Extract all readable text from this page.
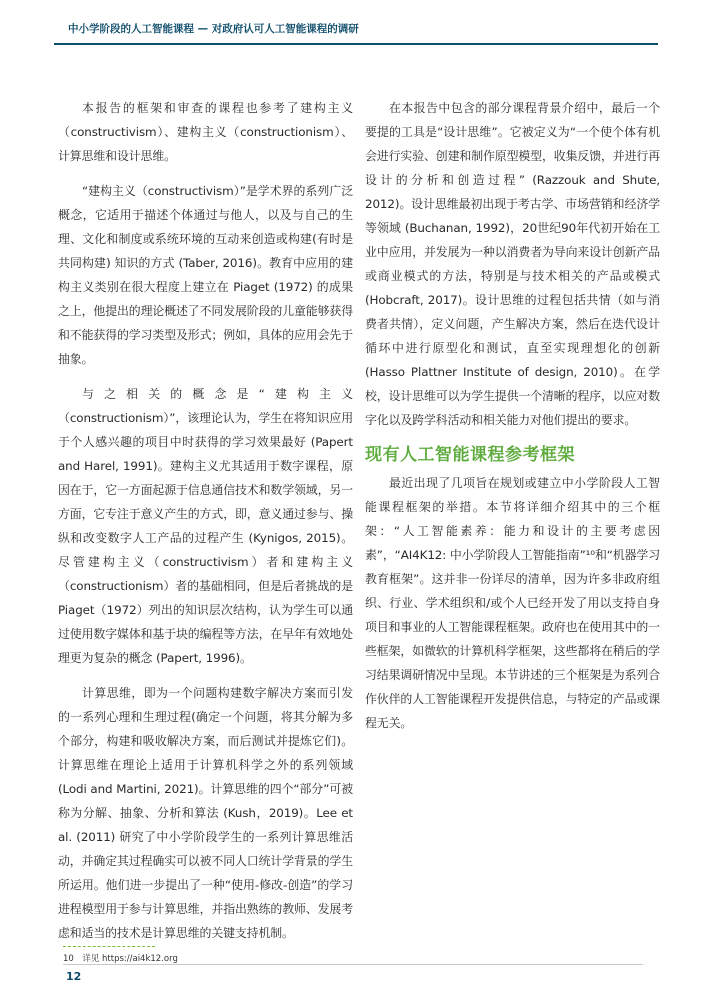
中小学阶段的人工智能课程 — 对政府认可人工智能课程的调研

本报告的框架和审查的课程也参考了建构主义（constructivism）、建构主义（constructionism）、计算思维和设计思维。

“建构主义（constructivism）”是学术界的系列广泛概念，它适用于描述个体通过与他人，以及与自己的生理、文化和制度或系统环境的互动来创造或构建(有时是共同构建) 知识的方式 (Taber, 2016)。教育中应用的建构主义类别在很大程度上建立在 Piaget (1972) 的成果之上，他提出的理论概述了不同发展阶段的儿童能够获得和不能获得的学习类型及形式；例如，具体的应用会先于抽象。

与之相关的概念是“建构主义（constructionism）”，该理论认为，学生在将知识应用于个人感兴趣的项目中时获得的学习效果最好 (Papert and Harel, 1991)。建构主义尤其适用于数字课程，原因在于，它一方面起源于信息通信技术和数学领域，另一方面，它专注于意义产生的方式，即，意义通过参与、操纵和改变数字人工产品的过程产生 (Kynigos, 2015)。尽管建构主义（constructivism）者和建构主义（constructionism）者的基础相同，但是后者挑战的是 Piaget（1972）列出的知识层次结构，认为学生可以通过使用数字媒体和基于块的编程等方法，在早年有效地处理更为复杂的概念 (Papert, 1996)。

计算思维，即为一个问题构建数字解决方案而引发的一系列心理和生理过程(确定一个问题，将其分解为多个部分，构建和吸收解决方案，而后测试并提炼它们)。计算思维在理论上适用于计算机科学之外的系列领域(Lodi and Martini, 2021)。计算思维的四个“部分”可被称为分解、抽象、分析和算法 (Kush，2019)。Lee et al. (2011) 研究了中小学阶段学生的一系列计算思维活动，并确定其过程确实可以被不同人口统计学背景的学生所运用。他们进一步提出了一种“使用-修改-创造”的学习进程模型用于参与计算思维，并指出熟练的教师、发展考虑和适当的技术是计算思维的关键支持机制。

在本报告中包含的部分课程背景介绍中，最后一个要提的工具是“设计思维”。它被定义为“一个使个体有机会进行实验、创建和制作原型模型，收集反馈，并进行再设计的分析和创造过程” (Razzouk and Shute, 2012)。设计思维最初出现于考古学、市场营销和经济学等领域 (Buchanan, 1992)，20世纪90年代初开始在工业中应用，并发展为一种以消费者为导向来设计创新产品或商业模式的方法，特别是与技术相关的产品或模式 (Hobcraft, 2017)。设计思维的过程包括共情（如与消费者共情），定义问题，产生解决方案，然后在迭代设计循环中进行原型化和测试，直至实现理想化的创新 (Hasso Plattner Institute of design, 2010)。在学校，设计思维可以为学生提供一个清晰的程序，以应对数字化以及跨学科活动和相关能力对他们提出的要求。

现有人工智能课程参考框架

最近出现了几项旨在规划或建立中小学阶段人工智能课程框架的举措。本节将详细介绍其中的三个框架：“人工智能素养：能力和设计的主要考虑因素”，“AI4K12: 中小学阶段人工智能指南”¹⁰和“机器学习教育框架”。这并非一份详尽的清单，因为许多非政府组织、行业、学术组织和/或个人已经开发了用以支持自身项目和事业的人工智能课程框架。政府也在使用其中的一些框架，如微软的计算机科学框架，这些都将在稍后的学习结果调研情况中呈现。本节讲述的三个框架是为系列合作伙伴的人工智能课程开发提供信息，与特定的产品或课程无关。

10　详见 https://ai4k12.org
12
